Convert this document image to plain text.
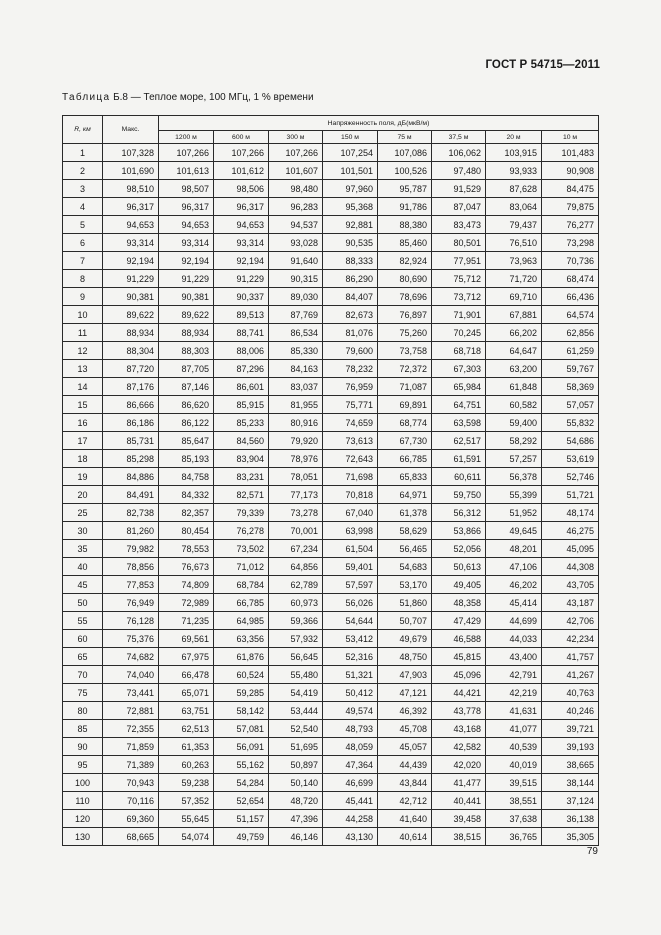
ГОСТ Р 54715—2011
Таблица Б.8 — Теплое море, 100 МГц, 1 % времени
R, км	Макс.	Напряженность поля, дБ(мкВ/м)							
		1200 м	600 м	300 м	150 м	75 м	37,5 м	20 м	10 м
1	107,328	107,266	107,266	107,266	107,254	107,086	106,062	103,915	101,483
2	101,690	101,613	101,612	101,607	101,501	100,526	97,480	93,933	90,908
3	98,510	98,507	98,506	98,480	97,960	95,787	91,529	87,628	84,475
4	96,317	96,317	96,317	96,283	95,368	91,786	87,047	83,064	79,875
5	94,653	94,653	94,653	94,537	92,881	88,380	83,473	79,437	76,277
6	93,314	93,314	93,314	93,028	90,535	85,460	80,501	76,510	73,298
7	92,194	92,194	92,194	91,640	88,333	82,924	77,951	73,963	70,736
8	91,229	91,229	91,229	90,315	86,290	80,690	75,712	71,720	68,474
9	90,381	90,381	90,337	89,030	84,407	78,696	73,712	69,710	66,436
10	89,622	89,622	89,513	87,769	82,673	76,897	71,901	67,881	64,574
11	88,934	88,934	88,741	86,534	81,076	75,260	70,245	66,202	62,856
12	88,304	88,303	88,006	85,330	79,600	73,758	68,718	64,647	61,259
13	87,720	87,705	87,296	84,163	78,232	72,372	67,303	63,200	59,767
14	87,176	87,146	86,601	83,037	76,959	71,087	65,984	61,848	58,369
15	86,666	86,620	85,915	81,955	75,771	69,891	64,751	60,582	57,057
16	86,186	86,122	85,233	80,916	74,659	68,774	63,598	59,400	55,832
17	85,731	85,647	84,560	79,920	73,613	67,730	62,517	58,292	54,686
18	85,298	85,193	83,904	78,976	72,643	66,785	61,591	57,257	53,619
19	84,886	84,758	83,231	78,051	71,698	65,833	60,611	56,378	52,746
20	84,491	84,332	82,571	77,173	70,818	64,971	59,750	55,399	51,721
25	82,738	82,357	79,339	73,278	67,040	61,378	56,312	51,952	48,174
30	81,260	80,454	76,278	70,001	63,998	58,629	53,866	49,645	46,275
35	79,982	78,553	73,502	67,234	61,504	56,465	52,056	48,201	45,095
40	78,856	76,673	71,012	64,856	59,401	54,683	50,613	47,106	44,308
45	77,853	74,809	68,784	62,789	57,597	53,170	49,405	46,202	43,705
50	76,949	72,989	66,785	60,973	56,026	51,860	48,358	45,414	43,187
55	76,128	71,235	64,985	59,366	54,644	50,707	47,429	44,699	42,706
60	75,376	69,561	63,356	57,932	53,412	49,679	46,588	44,033	42,234
65	74,682	67,975	61,876	56,645	52,316	48,750	45,815	43,400	41,757
70	74,040	66,478	60,524	55,480	51,321	47,903	45,096	42,791	41,267
75	73,441	65,071	59,285	54,419	50,412	47,121	44,421	42,219	40,763
80	72,881	63,751	58,142	53,444	49,574	46,392	43,778	41,631	40,246
85	72,355	62,513	57,081	52,540	48,793	45,708	43,168	41,077	39,721
90	71,859	61,353	56,091	51,695	48,059	45,057	42,582	40,539	39,193
95	71,389	60,263	55,162	50,897	47,364	44,439	42,020	40,019	38,665
100	70,943	59,238	54,284	50,140	46,699	43,844	41,477	39,515	38,144
110	70,116	57,352	52,654	48,720	45,441	42,712	40,441	38,551	37,124
120	69,360	55,645	51,157	47,396	44,258	41,640	39,458	37,638	36,138
130	68,665	54,074	49,759	46,146	43,130	40,614	38,515	36,765	35,305
79
